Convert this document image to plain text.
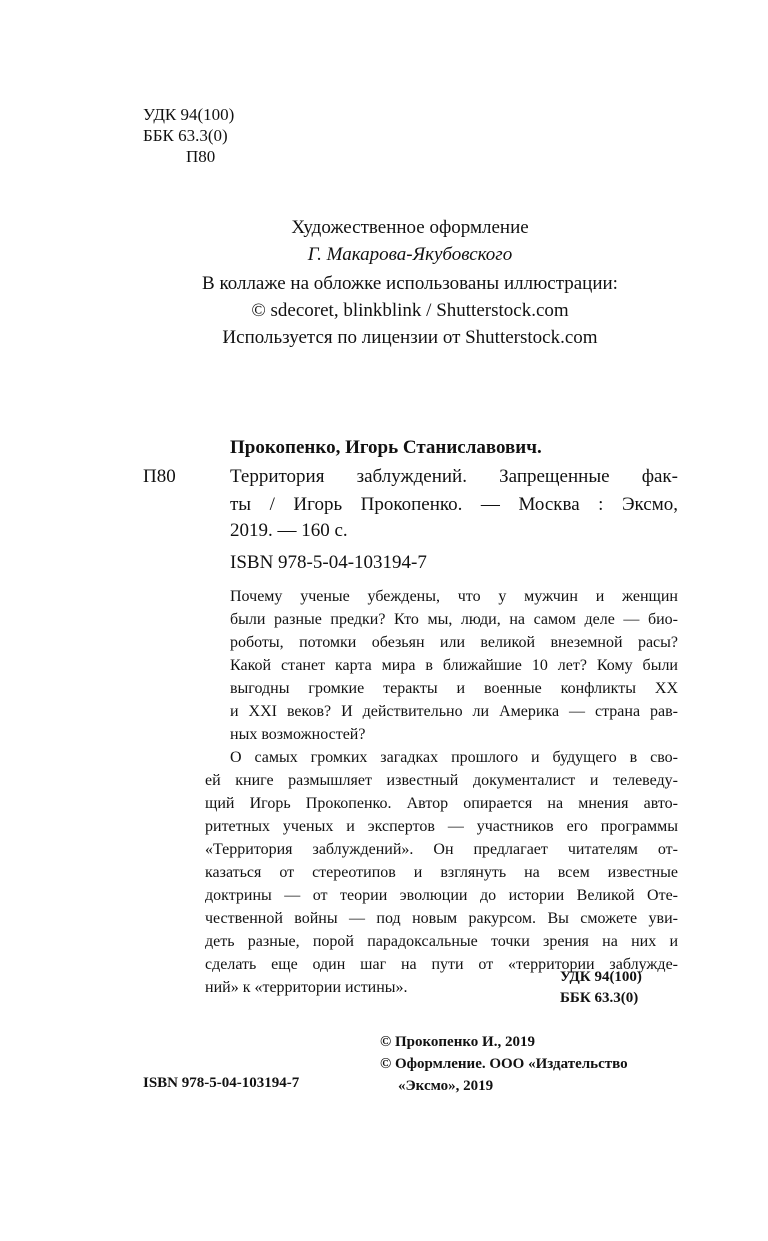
УДК 94(100)
ББК 63.3(0)
П80
Художественное оформление
Г. Макарова-Якубовского
В коллаже на обложке использованы иллюстрации:
© sdecoret, blinkblink / Shutterstock.com
Используется по лицензии от Shutterstock.com
Прокопенко, Игорь Станиславович.
П80	Территория заблуждений. Запрещенные фак-
ты / Игорь Прокопенко. — Москва : Эксмо,
2019. — 160 с.
ISBN 978-5-04-103194-7
Почему ученые убеждены, что у мужчин и женщин
были разные предки? Кто мы, люди, на самом деле — био-
роботы, потомки обезьян или великой внеземной расы?
Какой станет карта мира в ближайшие 10 лет? Кому были
выгодны громкие теракты и военные конфликты XX
и XXI веков? И действительно ли Америка — страна рав-
ных возможностей?
О самых громких загадках прошлого и будущего в сво-
ей книге размышляет известный документалист и телеведу-
щий Игорь Прокопенко. Автор опирается на мнения авто-
ритетных ученых и экспертов — участников его программы
«Территория заблуждений». Он предлагает читателям от-
казаться от стереотипов и взглянуть на всем известные
доктрины — от теории эволюции до истории Великой Оте-
чественной войны — под новым ракурсом. Вы сможете уви-
деть разные, порой парадоксальные точки зрения на них и
сделать еще один шаг на пути от «территории заблужде-
ний» к «территории истины».
УДК 94(100)
ББК 63.3(0)
© Прокопенко И., 2019
© Оформление. ООО «Издательство
«Эксмо», 2019
ISBN 978-5-04-103194-7
